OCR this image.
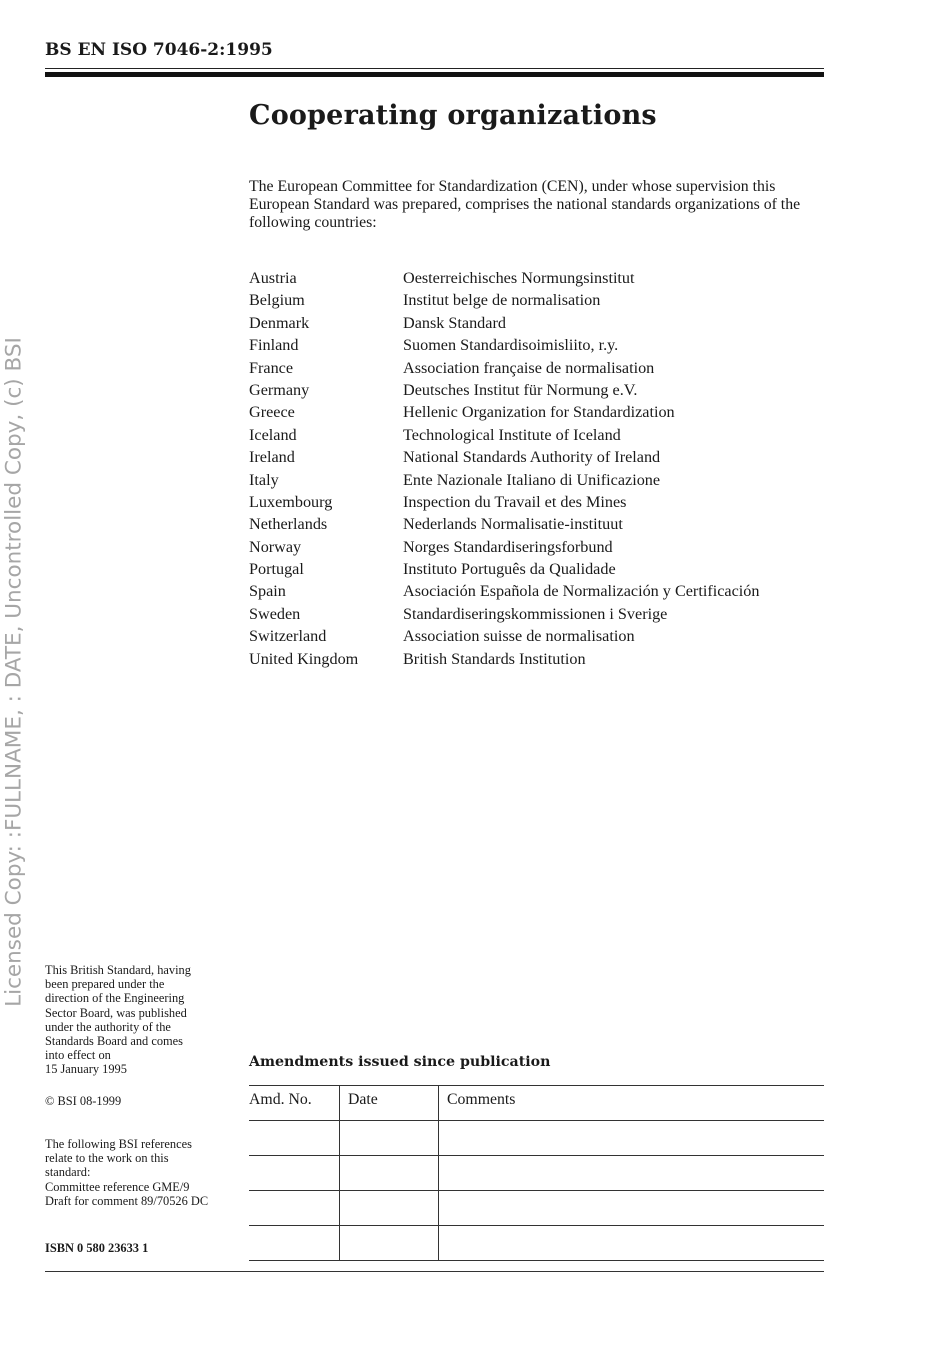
BS EN ISO 7046-2:1995
Licensed Copy: :FULLNAME, : DATE, Uncontrolled Copy, (c) BSI
Cooperating organizations
The European Committee for Standardization (CEN), under whose supervision this European Standard was prepared, comprises the national standards organizations of the following countries:
Austria	Oesterreichisches Normungsinstitut
Belgium	Institut belge de normalisation
Denmark	Dansk Standard
Finland	Suomen Standardisoimisliito, r.y.
France	Association française de normalisation
Germany	Deutsches Institut für Normung e.V.
Greece	Hellenic Organization for Standardization
Iceland	Technological Institute of Iceland
Ireland	National Standards Authority of Ireland
Italy	Ente Nazionale Italiano di Unificazione
Luxembourg	Inspection du Travail et des Mines
Netherlands	Nederlands Normalisatie-instituut
Norway	Norges Standardiseringsforbund
Portugal	Instituto Português da Qualidade
Spain	Asociación Española de Normalización y Certificación
Sweden	Standardiseringskommissionen i Sverige
Switzerland	Association suisse de normalisation
United Kingdom	British Standards Institution
This British Standard, having
been prepared under the
direction of the Engineering
Sector Board, was published
under the authority of the
Standards Board and comes
into effect on
15 January 1995
© BSI 08-1999
The following BSI references
relate to the work on this
standard:
Committee reference GME/9
Draft for comment 89/70526 DC
ISBN 0 580 23633 1
Amendments issued since publication
Amd. No.	Date	Comments
